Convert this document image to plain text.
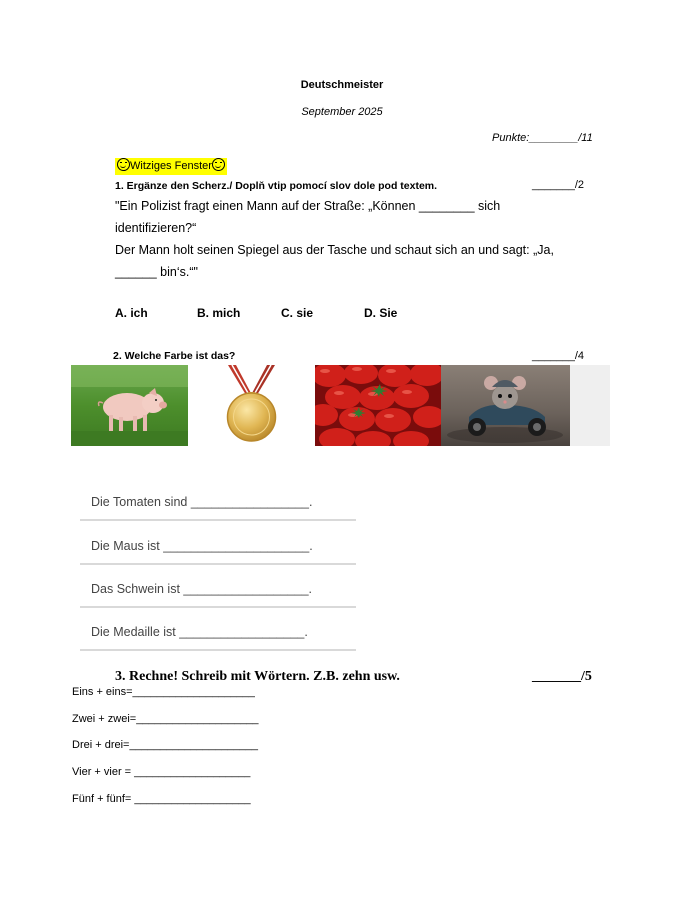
Deutschmeister
September 2025
Punkte:________/11
Witziges Fenster
1. Ergänze den Scherz./ Doplň vtip pomocí slov dole pod textem.	_______/2
"Ein Polizist fragt einen Mann auf der Straße: „Können ________ sich
identifizieren?“
Der Mann holt seinen Spiegel aus der Tasche und schaut sich an und sagt: „Ja,
______ bin‘s.“"
A. ich	B. mich	C. sie	D. Sie
2. Welche Farbe ist das?	_______/4
Die Tomaten sind _________________.
Die Maus ist _____________________.
Das Schwein ist __________________.
Die Medaille ist __________________.
3. Rechne! Schreib mit Wörtern. Z.B. zehn usw.	_______/5
Eins + eins=____________________
Zwei + zwei=____________________
Drei + drei=_____________________
Vier + vier = ___________________
Fünf + fünf= ___________________
